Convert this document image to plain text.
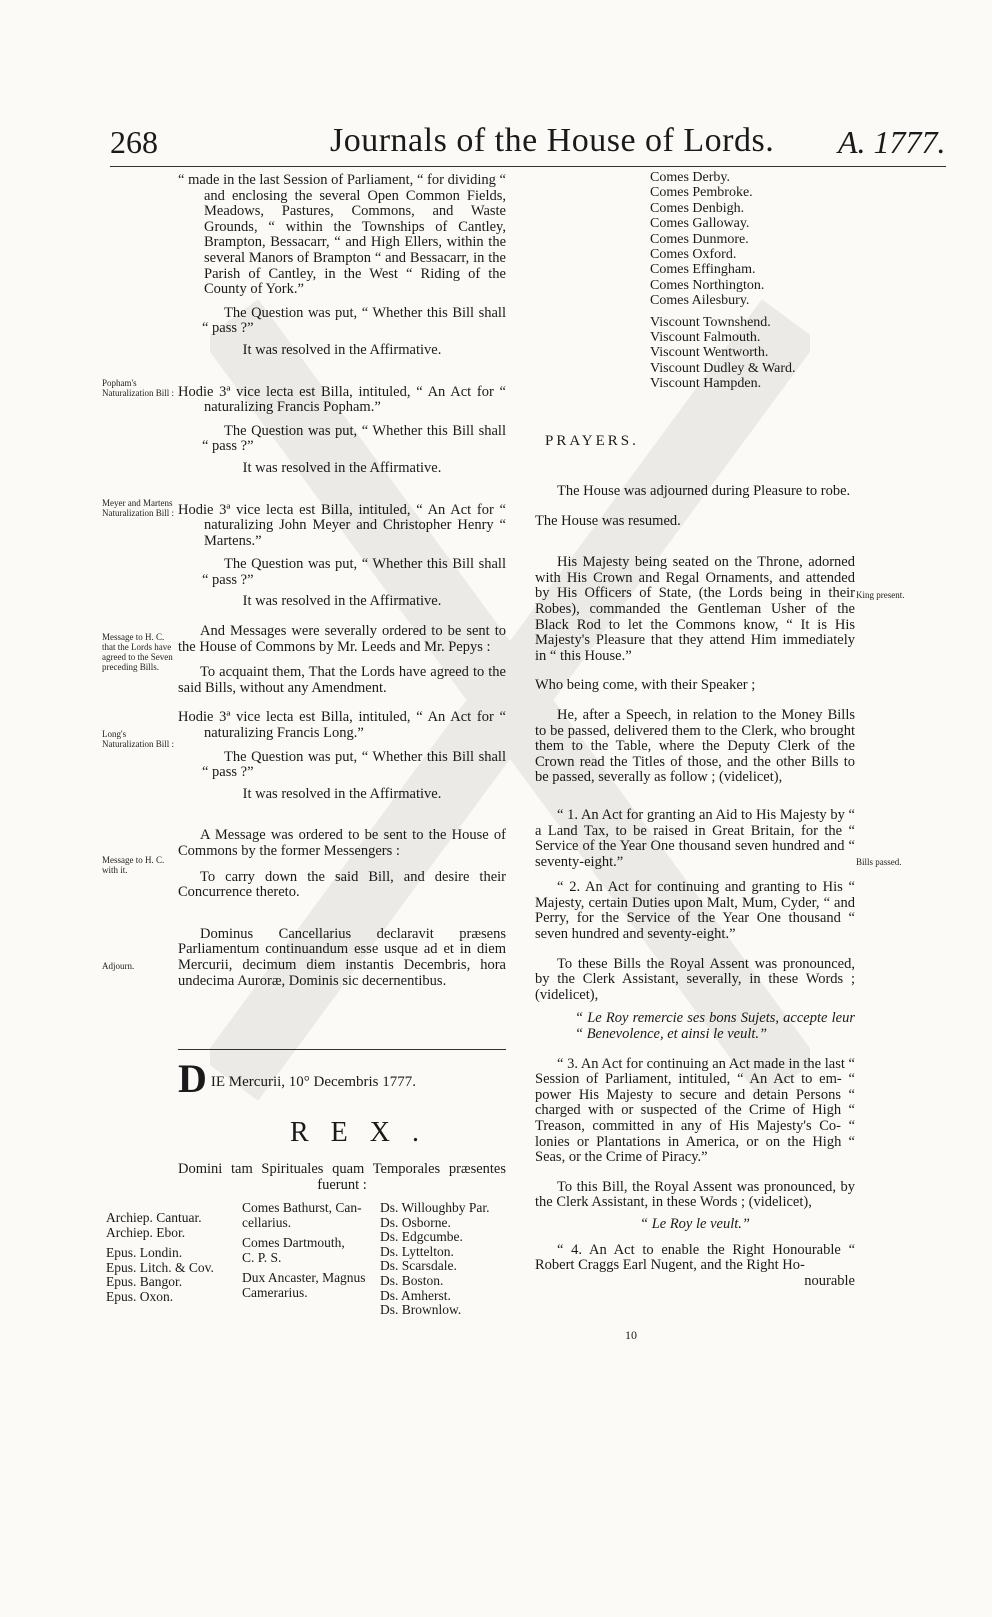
268	Journals of the House of Lords. A. 1777.

“ made in the last Session of Parliament, “ for dividing “ and enclosing the several Open Common Fields, Meadows, Pastures, Commons, and Waste Grounds, “ within the Townships of Cantley, Brampton, Bessacarr, “ and High Ellers, within the several Manors of Brampton “ and Bessacarr, in the Parish of Cantley, in the West “ Riding of the County of York.”

The Question was put, “ Whether this Bill shall “ pass ?”

It was resolved in the Affirmative.

Hodie 3ª vice lecta est Billa, intituled, “ An Act for “ naturalizing Francis Popham.”

The Question was put, “ Whether this Bill shall “ pass ?”

It was resolved in the Affirmative.

Hodie 3ª vice lecta est Billa, intituled, “ An Act for “ naturalizing John Meyer and Christopher Henry “ Martens.”

The Question was put, “ Whether this Bill shall “ pass ?”

It was resolved in the Affirmative.

And Messages were severally ordered to be sent to the House of Commons by Mr. Leeds and Mr. Pepys :

To acquaint them, That the Lords have agreed to the said Bills, without any Amendment.

Hodie 3ª vice lecta est Billa, intituled, “ An Act for “ naturalizing Francis Long.”

The Question was put, “ Whether this Bill shall “ pass ?”

It was resolved in the Affirmative.

A Message was ordered to be sent to the House of Commons by the former Messengers :

To carry down the said Bill, and desire their Concurrence thereto.

Dominus Cancellarius declaravit præsens Parliamentum continuandum esse usque ad et in diem Mercurii, decimum diem instantis Decembris, hora undecima Auroræ, Dominis sic decernentibus.

Popham's Naturalization Bill :
Meyer and Martens Naturalization Bill :
Message to H. C. that the Lords have agreed to the Seven preceding Bills.
Long's Naturalization Bill :
Message to H. C. with it.
Adjourn.
Comes Derby.
Comes Pembroke.
Comes Denbigh.
Comes Galloway.
Comes Dunmore.
Comes Oxford.
Comes Effingham.
Comes Northington.
Comes Ailesbury.
Viscount Townshend.
Viscount Falmouth.
Viscount Wentworth.
Viscount Dudley & Ward.
Viscount Hampden.
PRAYERS.

The House was adjourned during Pleasure to robe.

The House was resumed.

His Majesty being seated on the Throne, adorned with His Crown and Regal Ornaments, and attended by His Officers of State, (the Lords being in their Robes), commanded the Gentleman Usher of the Black Rod to let the Commons know, “ It is His Majesty's Pleasure that they attend Him immediately in “ this House.”

Who being come, with their Speaker ;

He, after a Speech, in relation to the Money Bills to be passed, delivered them to the Clerk, who brought them to the Table, where the Deputy Clerk of the Crown read the Titles of those, and the other Bills to be passed, severally as follow ; (videlicet),

“ 1. An Act for granting an Aid to His Majesty by “ a Land Tax, to be raised in Great Britain, for the “ Service of the Year One thousand seven hundred and “ seventy-eight.”

“ 2. An Act for continuing and granting to His “ Majesty, certain Duties upon Malt, Mum, Cyder, “ and Perry, for the Service of the Year One thousand “ seven hundred and seventy-eight.”

To these Bills the Royal Assent was pronounced, by the Clerk Assistant, severally, in these Words ; (videlicet),

“ Le Roy remercie ses bons Sujets, accepte leur “ Benevolence, et ainsi le veult.”

“ 3. An Act for continuing an Act made in the last “ Session of Parliament, intituled, “ An Act to em- “ power His Majesty to secure and detain Persons “ charged with or suspected of the Crime of High “ Treason, committed in any of His Majesty's Co- “ lonies or Plantations in America, or on the High “ Seas, or the Crime of Piracy.”

To this Bill, the Royal Assent was pronounced, by the Clerk Assistant, in these Words ; (videlicet),

“ Le Roy le veult.”

“ 4. An Act to enable the Right Honourable “ Robert Craggs Earl Nugent, and the Right Ho-

nourable

King present.
Bills passed.
DIE Mercurii, 10° Decembris 1777.
REX.
Domini tam Spirituales quam Temporales præsentes fuerunt :
Archiep. Cantuar.
Archiep. Ebor.
Epus. Londin.
Epus. Litch. & Cov.
Epus. Bangor.
Epus. Oxon.
Comes Bathurst, Can-
cellarius.
Comes Dartmouth,
C. P. S.
Dux Ancaster, Magnus
Camerarius.
Ds. Willoughby Par.
Ds. Osborne.
Ds. Edgcumbe.
Ds. Lyttelton.
Ds. Scarsdale.
Ds. Boston.
Ds. Amherst.
Ds. Brownlow.
10
